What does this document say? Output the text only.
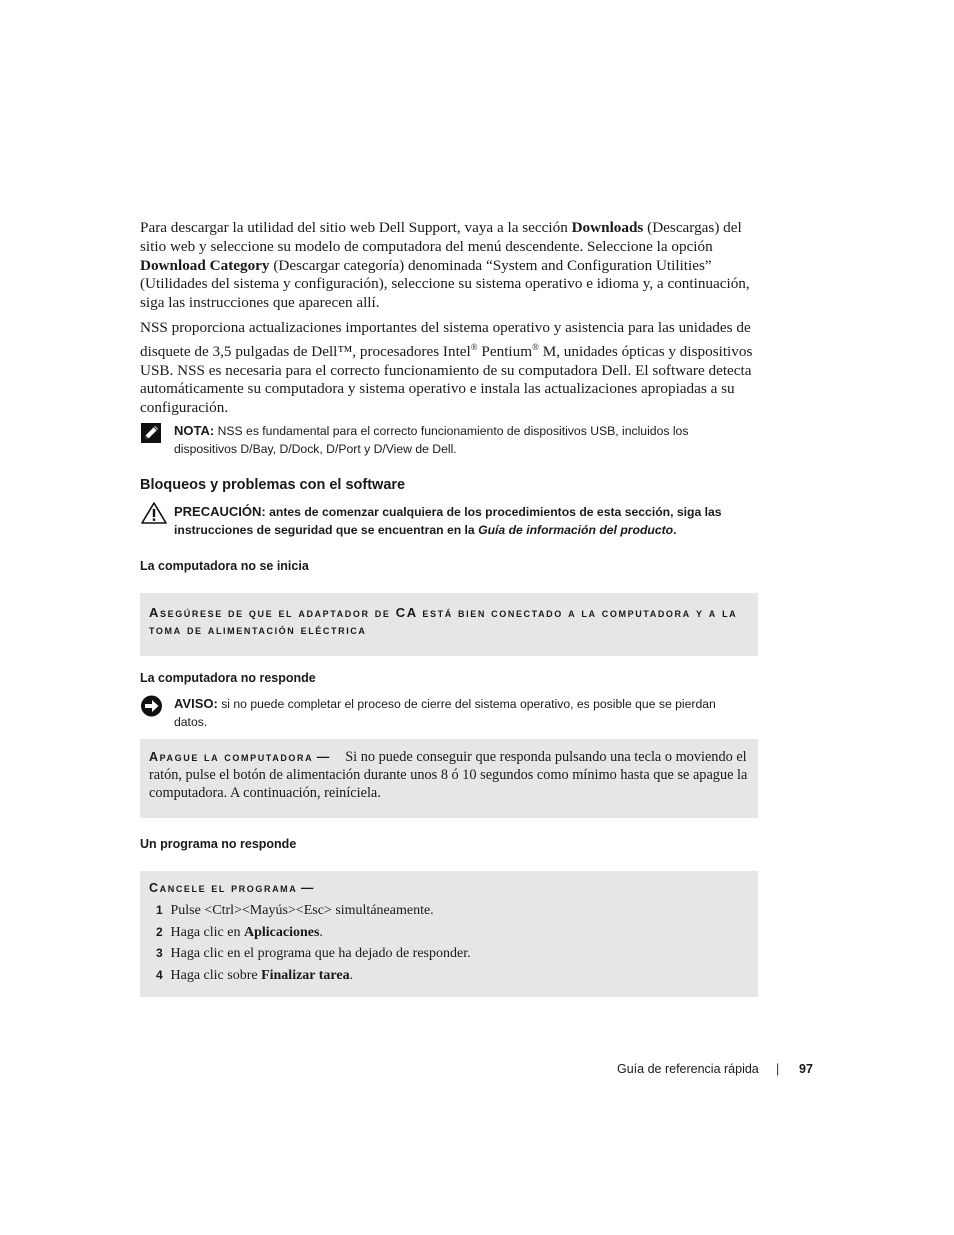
Para descargar la utilidad del sitio web Dell Support, vaya a la sección Downloads (Descargas) del sitio web y seleccione su modelo de computadora del menú descendente. Seleccione la opción Download Category (Descargar categoría) denominada “System and Configuration Utilities” (Utilidades del sistema y configuración), seleccione su sistema operativo e idioma y, a continuación, siga las instrucciones que aparecen allí.

NSS proporciona actualizaciones importantes del sistema operativo y asistencia para las unidades de disquete de 3,5 pulgadas de Dell™, procesadores Intel® Pentium® M, unidades ópticas y dispositivos USB. NSS es necesaria para el correcto funcionamiento de su computadora Dell. El software detecta automáticamente su computadora y sistema operativo e instala las actualizaciones apropiadas a su configuración.

NOTA: NSS es fundamental para el correcto funcionamiento de dispositivos USB, incluidos los dispositivos D/Bay, D/Dock, D/Port y D/View de Dell.
Bloqueos y problemas con el software
PRECAUCIÓN: antes de comenzar cualquiera de los procedimientos de esta sección, siga las instrucciones de seguridad que se encuentran en la Guía de información del producto.
La computadora no se inicia
Asegúrese de que el adaptador de CA está bien conectado a la computadora y a la toma de alimentación eléctrica
La computadora no responde
AVISO: si no puede completar el proceso de cierre del sistema operativo, es posible que se pierdan datos.
Apague la computadora — Si no puede conseguir que responda pulsando una tecla o moviendo el ratón, pulse el botón de alimentación durante unos 8 ó 10 segundos como mínimo hasta que se apague la computadora. A continuación, reiníciela.
Un programa no responde
Cancele el programa —
1 Pulse <Ctrl><Mayús><Esc> simultáneamente.
2 Haga clic en Aplicaciones.
3 Haga clic en el programa que ha dejado de responder.
4 Haga clic sobre Finalizar tarea.
Guía de referencia rápida | 97
